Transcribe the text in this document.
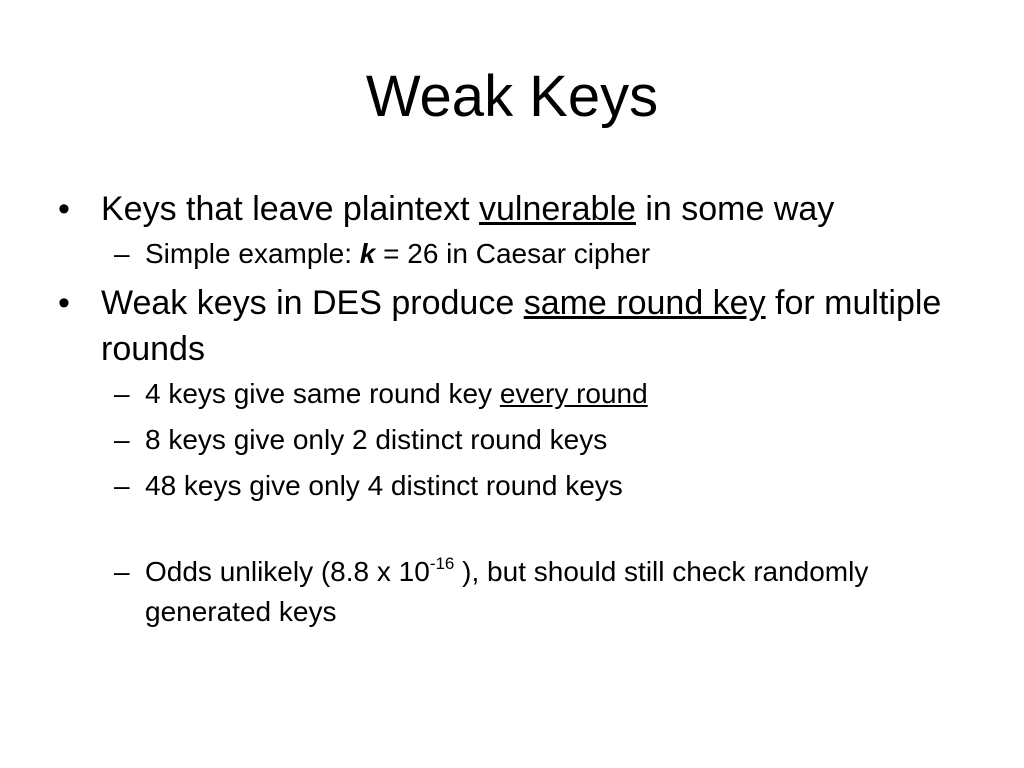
Weak Keys
• Keys that leave plaintext vulnerable in some way
– Simple example: k = 26 in Caesar cipher
• Weak keys in DES produce same round key for multiple rounds
– 4 keys give same round key every round
– 8 keys give only 2 distinct round keys
– 48 keys give only 4 distinct round keys
– Odds unlikely (8.8 x $10^{-16}$ ), but should still check randomly generated keys
